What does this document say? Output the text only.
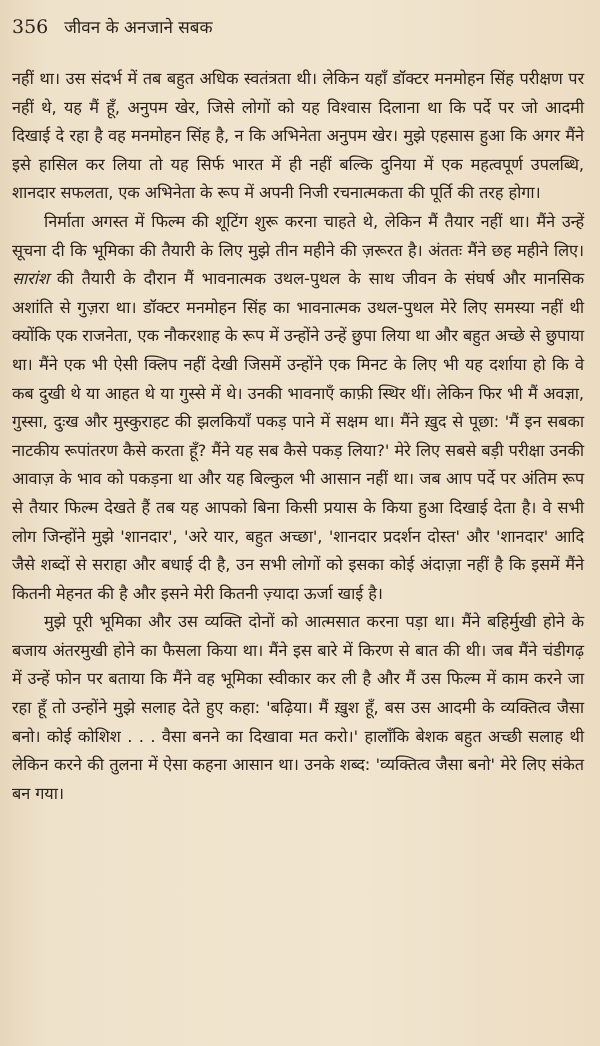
356 जीवन के अनजाने सबक

नहीं था। उस संदर्भ में तब बहुत अधिक स्वतंत्रता थी। लेकिन यहाँ डॉक्टर मनमोहन सिंह परीक्षण पर नहीं थे, यह मैं हूँ, अनुपम खेर, जिसे लोगों को यह विश्वास दिलाना था कि पर्दे पर जो आदमी दिखाई दे रहा है वह मनमोहन सिंह है, न कि अभिनेता अनुपम खेर। मुझे एहसास हुआ कि अगर मैंने इसे हासिल कर लिया तो यह सिर्फ भारत में ही नहीं बल्कि दुनिया में एक महत्वपूर्ण उपलब्धि, शानदार सफलता, एक अभिनेता के रूप में अपनी निजी रचनात्मकता की पूर्ति की तरह होगा।

निर्माता अगस्त में फिल्म की शूटिंग शुरू करना चाहते थे, लेकिन मैं तैयार नहीं था। मैंने उन्हें सूचना दी कि भूमिका की तैयारी के लिए मुझे तीन महीने की ज़रूरत है। अंततः मैंने छह महीने लिए। सारांश की तैयारी के दौरान मैं भावनात्मक उथल-पुथल के साथ जीवन के संघर्ष और मानसिक अशांति से गुज़रा था। डॉक्टर मनमोहन सिंह का भावनात्मक उथल-पुथल मेरे लिए समस्या नहीं थी क्योंकि एक राजनेता, एक नौकरशाह के रूप में उन्होंने उन्हें छुपा लिया था और बहुत अच्छे से छुपाया था। मैंने एक भी ऐसी क्लिप नहीं देखी जिसमें उन्होंने एक मिनट के लिए भी यह दर्शाया हो कि वे कब दुखी थे या आहत थे या गुस्से में थे। उनकी भावनाएँ काफ़ी स्थिर थीं। लेकिन फिर भी मैं अवज्ञा, गुस्सा, दुःख और मुस्कुराहट की झलकियाँ पकड़ पाने में सक्षम था। मैंने ख़ुद से पूछा: 'मैं इन सबका नाटकीय रूपांतरण कैसे करता हूँ? मैंने यह सब कैसे पकड़ लिया?' मेरे लिए सबसे बड़ी परीक्षा उनकी आवाज़ के भाव को पकड़ना था और यह बिल्कुल भी आसान नहीं था। जब आप पर्दे पर अंतिम रूप से तैयार फिल्म देखते हैं तब यह आपको बिना किसी प्रयास के किया हुआ दिखाई देता है। वे सभी लोग जिन्होंने मुझे 'शानदार', 'अरे यार, बहुत अच्छा', 'शानदार प्रदर्शन दोस्त' और 'शानदार' आदि जैसे शब्दों से सराहा और बधाई दी है, उन सभी लोगों को इसका कोई अंदाज़ा नहीं है कि इसमें मैंने कितनी मेहनत की है और इसने मेरी कितनी ज़्यादा ऊर्जा खाई है।

मुझे पूरी भूमिका और उस व्यक्ति दोनों को आत्मसात करना पड़ा था। मैंने बहिर्मुखी होने के बजाय अंतरमुखी होने का फैसला किया था। मैंने इस बारे में किरण से बात की थी। जब मैंने चंडीगढ़ में उन्हें फोन पर बताया कि मैंने वह भूमिका स्वीकार कर ली है और मैं उस फिल्म में काम करने जा रहा हूँ तो उन्होंने मुझे सलाह देते हुए कहा: 'बढ़िया। मैं ख़ुश हूँ, बस उस आदमी के व्यक्तित्व जैसा बनो। कोई कोशिश . . . वैसा बनने का दिखावा मत करो।' हालाँकि बेशक बहुत अच्छी सलाह थी लेकिन करने की तुलना में ऐसा कहना आसान था। उनके शब्द: 'व्यक्तित्व जैसा बनो' मेरे लिए संकेत बन गया।
